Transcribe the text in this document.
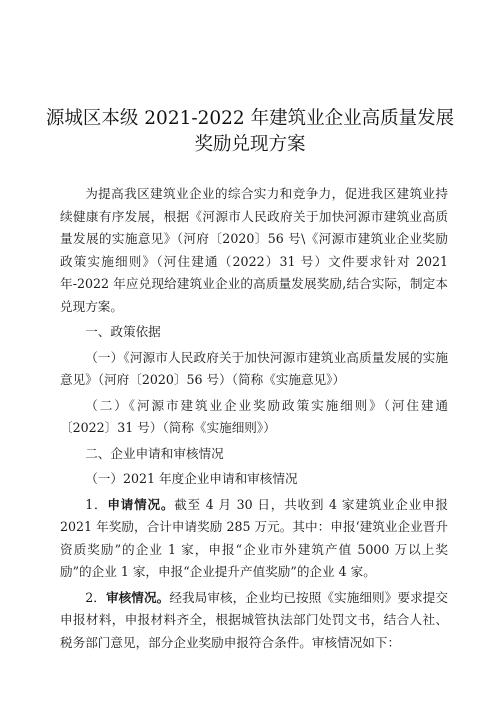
源城区本级 2021-2022 年建筑业企业高质量发展
奖励兑现方案

为提高我区建筑业企业的综合实力和竞争力，促进我区建筑业持续健康有序发展，根据《河源市人民政府关于加快河源市建筑业高质量发展的实施意见》（河府〔2020〕56 号\《河源市建筑业企业奖励政策实施细则》（河住建通（2022）31 号）文件要求针对 2021 年-2022 年应兑现给建筑业企业的高质量发展奖励,结合实际，制定本兑现方案。

一、政策依据

（一）《河源市人民政府关于加快河源市建筑业高质量发展的实施意见》（河府〔2020〕56 号）（简称《实施意见》）

（二）《河源市建筑业企业奖励政策实施细则》（河住建通〔2022〕31 号）（简称《实施细则》）

二、企业申请和审核情况

（一）2021 年度企业申请和审核情况

1．申请情况。截至 4 月 30 日，共收到 4 家建筑业企业申报 2021 年奖励，合计申请奖励 285 万元。其中：申报‘建筑业企业晋升资质奖励”的企业 1 家，申报“企业市外建筑产值 5000 万以上奖励”的企业 1 家，申报“企业提升产值奖励”的企业 4 家。

2．审核情况。经我局审核，企业均已按照《实施细则》要求提交申报材料，申报材料齐全，根据城管执法部门处罚文书，结合人社、税务部门意见，部分企业奖励申报符合条件。审核情况如下：
